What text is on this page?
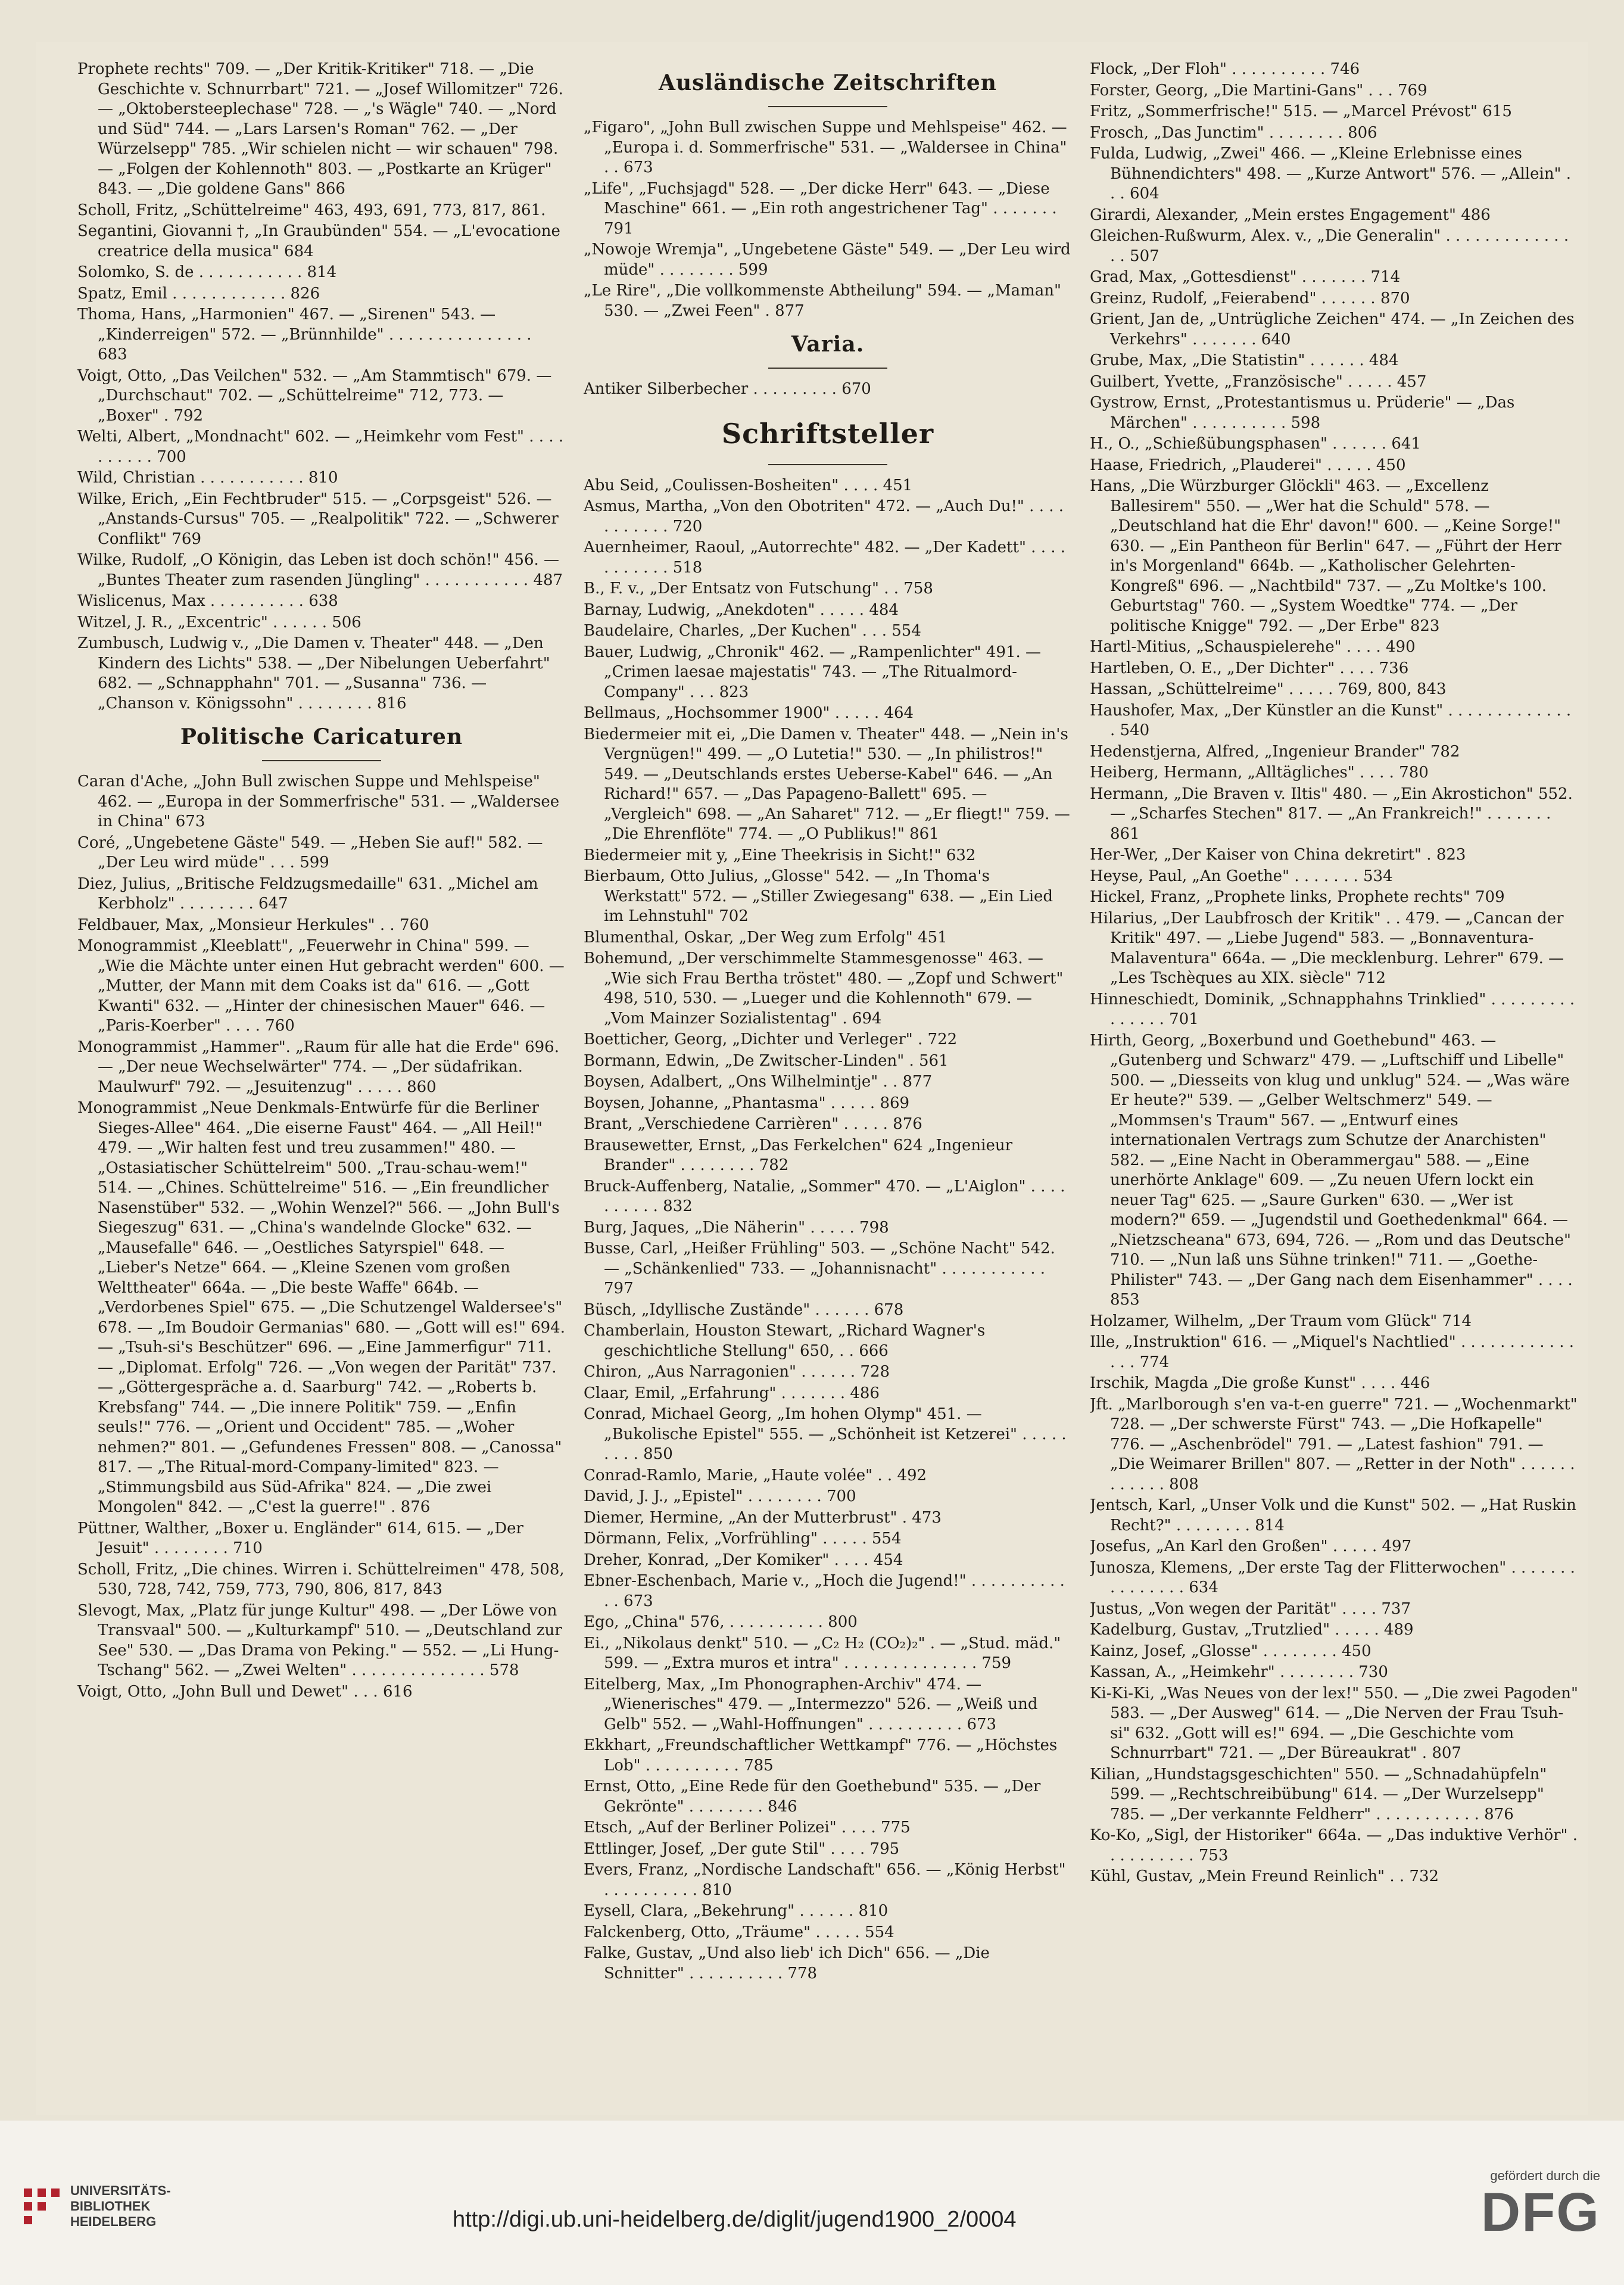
Prophete rechts" 709. — „Der Kritik-Kritiker" 718. — „Die Geschichte v. Schnurrbart" 721. — „Josef Willomitzer" 726. — „Oktobersteeplechase" 728. — „'s Wägle" 740. — „Nord und Süd" 744. — „Lars Larsen's Roman" 762. — „Der Würzelsepp" 785. „Wir schielen nicht — wir schauen" 798. — „Folgen der Kohlennoth" 803. — „Postkarte an Krüger" 843. — „Die goldene Gans" 866
Scholl, Fritz, „Schüttelreime" 463, 493, 691, 773, 817, 861.
Segantini, Giovanni †, „In Graubünden" 554. — „L'evocatione creatrice della musica" 684
Solomko, S. de . . . . . . . . . . . 814
Spatz, Emil . . . . . . . . . . . . 826
Thoma, Hans, „Harmonien" 467. — „Sirenen" 543. — „Kinderreigen" 572. — „Brünnhilde" . . . . . . . . . . . . . . . 683
Voigt, Otto, „Das Veilchen" 532. — „Am Stammtisch" 679. — „Durchschaut" 702. — „Schüttelreime" 712, 773. — „Boxer" . 792
Welti, Albert, „Mondnacht" 602. — „Heimkehr vom Fest" . . . . . . . . . . 700
Wild, Christian . . . . . . . . . . . 810
Wilke, Erich, „Ein Fechtbruder" 515. — „Corpsgeist" 526. — „Anstands-Cursus" 705. — „Realpolitik" 722. — „Schwerer Conflikt" 769
Wilke, Rudolf, „O Königin, das Leben ist doch schön!" 456. — „Buntes Theater zum rasenden Jüngling" . . . . . . . . . . . 487
Wislicenus, Max . . . . . . . . . . 638
Witzel, J. R., „Excentric" . . . . . . 506
Zumbusch, Ludwig v., „Die Damen v. Theater" 448. — „Den Kindern des Lichts" 538. — „Der Nibelungen Ueberfahrt" 682. — „Schnapphahn" 701. — „Susanna" 736. — „Chanson v. Königssohn" . . . . . . . . 816
Politische Caricaturen
Caran d'Ache, „John Bull zwischen Suppe und Mehlspeise" 462. — „Europa in der Sommerfrische" 531. — „Waldersee in China" 673
Coré, „Ungebetene Gäste" 549. — „Heben Sie auf!" 582. — „Der Leu wird müde" . . . 599
Diez, Julius, „Britische Feldzugsmedaille" 631. „Michel am Kerbholz" . . . . . . . . 647
Feldbauer, Max, „Monsieur Herkules" . . 760
Monogrammist „Kleeblatt", „Feuerwehr in China" 599. — „Wie die Mächte unter einen Hut gebracht werden" 600. — „Mutter, der Mann mit dem Coaks ist da" 616. — „Gott Kwanti" 632. — „Hinter der chinesischen Mauer" 646. — „Paris-Koerber" . . . . 760
Monogrammist „Hammer". „Raum für alle hat die Erde" 696. — „Der neue Wechselwärter" 774. — „Der südafrikan. Maulwurf" 792. — „Jesuitenzug" . . . . . 860
Monogrammist „Neue Denkmals-Entwürfe für die Berliner Sieges-Allee" 464. „Die eiserne Faust" 464. — „All Heil!" 479. — „Wir halten fest und treu zusammen!" 480. — „Ostasiatischer Schüttelreim" 500. „Trau-schau-wem!" 514. — „Chines. Schüttelreime" 516. — „Ein freundlicher Nasenstüber" 532. — „Wohin Wenzel?" 566. — „John Bull's Siegeszug" 631. — „China's wandelnde Glocke" 632. — „Mausefalle" 646. — „Oestliches Satyrspiel" 648. — „Lieber's Netze" 664. — „Kleine Szenen vom großen Welttheater" 664a. — „Die beste Waffe" 664b. — „Verdorbenes Spiel" 675. — „Die Schutzengel Waldersee's" 678. — „Im Boudoir Germanias" 680. — „Gott will es!" 694. — „Tsuh-si's Beschützer" 696. — „Eine Jammerfigur" 711. — „Diplomat. Erfolg" 726. — „Von wegen der Parität" 737. — „Göttergespräche a. d. Saarburg" 742. — „Roberts b. Krebsfang" 744. — „Die innere Politik" 759. — „Enfin seuls!" 776. — „Orient und Occident" 785. — „Woher nehmen?" 801. — „Gefundenes Fressen" 808. — „Canossa" 817. — „The Ritual-mord-Company-limited" 823. — „Stimmungsbild aus Süd-Afrika" 824. — „Die zwei Mongolen" 842. — „C'est la guerre!" . 876
Püttner, Walther, „Boxer u. Engländer" 614, 615. — „Der Jesuit" . . . . . . . . 710
Scholl, Fritz, „Die chines. Wirren i. Schüttelreimen" 478, 508, 530, 728, 742, 759, 773, 790, 806, 817, 843
Slevogt, Max, „Platz für junge Kultur" 498. — „Der Löwe von Transvaal" 500. — „Kulturkampf" 510. — „Deutschland zur See" 530. — „Das Drama von Peking." — 552. — „Li Hung-Tschang" 562. — „Zwei Welten" . . . . . . . . . . . . . . 578
Voigt, Otto, „John Bull und Dewet" . . . 616
Ausländische Zeitschriften
„Figaro", „John Bull zwischen Suppe und Mehlspeise" 462. — „Europa i. d. Sommerfrische" 531. — „Waldersee in China" . . 673
„Life", „Fuchsjagd" 528. — „Der dicke Herr" 643. — „Diese Maschine" 661. — „Ein roth angestrichener Tag" . . . . . . . 791
„Nowoje Wremja", „Ungebetene Gäste" 549. — „Der Leu wird müde" . . . . . . . . 599
„Le Rire", „Die vollkommenste Abtheilung" 594. — „Maman" 530. — „Zwei Feen" . 877
Varia.
Antiker Silberbecher . . . . . . . . . 670
Schriftsteller
Abu Seid, „Coulissen-Bosheiten" . . . . 451
Asmus, Martha, „Von den Obotriten" 472. — „Auch Du!" . . . . . . . . . . . 720
Auernheimer, Raoul, „Autorrechte" 482. — „Der Kadett" . . . . . . . . . . . 518
B., F. v., „Der Entsatz von Futschung" . . 758
Barnay, Ludwig, „Anekdoten" . . . . . 484
Baudelaire, Charles, „Der Kuchen" . . . 554
Bauer, Ludwig, „Chronik" 462. — „Rampenlichter" 491. — „Crimen laesae majestatis" 743. — „The Ritualmord-Company" . . . 823
Bellmaus, „Hochsommer 1900" . . . . . 464
Biedermeier mit ei, „Die Damen v. Theater" 448. — „Nein in's Vergnügen!" 499. — „O Lutetia!" 530. — „In philistros!" 549. — „Deutschlands erstes Ueberse-Kabel" 646. — „An Richard!" 657. — „Das Papageno-Ballett" 695. — „Vergleich" 698. — „An Saharet" 712. — „Er fliegt!" 759. — „Die Ehrenflöte" 774. — „O Publikus!" 861
Biedermeier mit y, „Eine Theekrisis in Sicht!" 632
Bierbaum, Otto Julius, „Glosse" 542. — „In Thoma's Werkstatt" 572. — „Stiller Zwiegesang" 638. — „Ein Lied im Lehnstuhl" 702
Blumenthal, Oskar, „Der Weg zum Erfolg" 451
Bohemund, „Der verschimmelte Stammesgenosse" 463. — „Wie sich Frau Bertha tröstet" 480. — „Zopf und Schwert" 498, 510, 530. — „Lueger und die Kohlennoth" 679. — „Vom Mainzer Sozialistentag" . 694
Boetticher, Georg, „Dichter und Verleger" . 722
Bormann, Edwin, „De Zwitscher-Linden" . 561
Boysen, Adalbert, „Ons Wilhelmintje" . . 877
Boysen, Johanne, „Phantasma" . . . . . 869
Brant, „Verschiedene Carrièren" . . . . . 876
Brausewetter, Ernst, „Das Ferkelchen" 624 „Ingenieur Brander" . . . . . . . . 782
Bruck-Auffenberg, Natalie, „Sommer" 470. — „L'Aiglon" . . . . . . . . . . 832
Burg, Jaques, „Die Näherin" . . . . . 798
Busse, Carl, „Heißer Frühling" 503. — „Schöne Nacht" 542. — „Schänkenlied" 733. — „Johannisnacht" . . . . . . . . . . . 797
Büsch, „Idyllische Zustände" . . . . . . 678
Chamberlain, Houston Stewart, „Richard Wagner's geschichtliche Stellung" 650, . . 666
Chiron, „Aus Narragonien" . . . . . . 728
Claar, Emil, „Erfahrung" . . . . . . . 486
Conrad, Michael Georg, „Im hohen Olymp" 451. — „Bukolische Epistel" 555. — „Schönheit ist Ketzerei" . . . . . . . . . 850
Conrad-Ramlo, Marie, „Haute volée" . . 492
David, J. J., „Epistel" . . . . . . . . 700
Diemer, Hermine, „An der Mutterbrust" . 473
Dörmann, Felix, „Vorfrühling" . . . . . 554
Dreher, Konrad, „Der Komiker" . . . . 454
Ebner-Eschenbach, Marie v., „Hoch die Jugend!" . . . . . . . . . . . . 673
Ego, „China" 576, . . . . . . . . . . 800
Ei., „Nikolaus denkt" 510. — „C₂ H₂ (CO₂)₂" . — „Stud. mäd." 599. — „Extra muros et intra" . . . . . . . . . . . . . . 759
Eitelberg, Max, „Im Phonographen-Archiv" 474. — „Wienerisches" 479. — „Intermezzo" 526. — „Weiß und Gelb" 552. — „Wahl-Hoffnungen" . . . . . . . . . . 673
Ekkhart, „Freundschaftlicher Wettkampf" 776. — „Höchstes Lob" . . . . . . . . . . 785
Ernst, Otto, „Eine Rede für den Goethebund" 535. — „Der Gekrönte" . . . . . . . . 846
Etsch, „Auf der Berliner Polizei" . . . . 775
Ettlinger, Josef, „Der gute Stil" . . . . 795
Evers, Franz, „Nordische Landschaft" 656. — „König Herbst" . . . . . . . . . . 810
Eysell, Clara, „Bekehrung" . . . . . . 810
Falckenberg, Otto, „Träume" . . . . . 554
Falke, Gustav, „Und also lieb' ich Dich" 656. — „Die Schnitter" . . . . . . . . . . 778
Flock, „Der Floh" . . . . . . . . . . 746
Forster, Georg, „Die Martini-Gans" . . . 769
Fritz, „Sommerfrische!" 515. — „Marcel Prévost" 615
Frosch, „Das Junctim" . . . . . . . . 806
Fulda, Ludwig, „Zwei" 466. — „Kleine Erlebnisse eines Bühnendichters" 498. — „Kurze Antwort" 576. — „Allein" . . . 604
Girardi, Alexander, „Mein erstes Engagement" 486
Gleichen-Rußwurm, Alex. v., „Die Generalin" . . . . . . . . . . . . . . . 507
Grad, Max, „Gottesdienst" . . . . . . . 714
Greinz, Rudolf, „Feierabend" . . . . . . 870
Grient, Jan de, „Untrügliche Zeichen" 474. — „In Zeichen des Verkehrs" . . . . . . . 640
Grube, Max, „Die Statistin" . . . . . . 484
Guilbert, Yvette, „Französische" . . . . . 457
Gystrow, Ernst, „Protestantismus u. Prüderie" — „Das Märchen" . . . . . . . . . . 598
H., O., „Schießübungsphasen" . . . . . . 641
Haase, Friedrich, „Plauderei" . . . . . 450
Hans, „Die Würzburger Glöckli" 463. — „Excellenz Ballesirem" 550. — „Wer hat die Schuld" 578. — „Deutschland hat die Ehr' davon!" 600. — „Keine Sorge!" 630. — „Ein Pantheon für Berlin" 647. — „Führt der Herr in's Morgenland" 664b. — „Katholischer Gelehrten-Kongreß" 696. — „Nachtbild" 737. — „Zu Moltke's 100. Geburtstag" 760. — „System Woedtke" 774. — „Der politische Knigge" 792. — „Der Erbe" 823
Hartl-Mitius, „Schauspielerehe" . . . . 490
Hartleben, O. E., „Der Dichter" . . . . 736
Hassan, „Schüttelreime" . . . . . 769, 800, 843
Haushofer, Max, „Der Künstler an die Kunst" . . . . . . . . . . . . . . 540
Hedenstjerna, Alfred, „Ingenieur Brander" 782
Heiberg, Hermann, „Alltägliches" . . . . 780
Hermann, „Die Braven v. Iltis" 480. — „Ein Akrostichon" 552. — „Scharfes Stechen" 817. — „An Frankreich!" . . . . . . . 861
Her-Wer, „Der Kaiser von China dekretirt" . 823
Heyse, Paul, „An Goethe" . . . . . . . 534
Hickel, Franz, „Prophete links, Prophete rechts" 709
Hilarius, „Der Laubfrosch der Kritik" . . 479. — „Cancan der Kritik" 497. — „Liebe Jugend" 583. — „Bonnaventura-Malaventura" 664a. — „Die mecklenburg. Lehrer" 679. — „Les Tschèques au XIX. siècle" 712
Hinneschiedt, Dominik, „Schnapphahns Trinklied" . . . . . . . . . . . . . . . 701
Hirth, Georg, „Boxerbund und Goethebund" 463. — „Gutenberg und Schwarz" 479. — „Luftschiff und Libelle" 500. — „Diesseits von klug und unklug" 524. — „Was wäre Er heute?" 539. — „Gelber Weltschmerz" 549. — „Mommsen's Traum" 567. — „Entwurf eines internationalen Vertrags zum Schutze der Anarchisten" 582. — „Eine Nacht in Oberammergau" 588. — „Eine unerhörte Anklage" 609. — „Zu neuen Ufern lockt ein neuer Tag" 625. — „Saure Gurken" 630. — „Wer ist modern?" 659. — „Jugendstil und Goethedenkmal" 664. — „Nietzscheana" 673, 694, 726. — „Rom und das Deutsche" 710. — „Nun laß uns Sühne trinken!" 711. — „Goethe-Philister" 743. — „Der Gang nach dem Eisenhammer" . . . . 853
Holzamer, Wilhelm, „Der Traum vom Glück" 714
Ille, „Instruktion" 616. — „Miquel's Nachtlied" . . . . . . . . . . . . . . . 774
Irschik, Magda „Die große Kunst" . . . . 446
Jft. „Marlborough s'en va-t-en guerre" 721. — „Wochenmarkt" 728. — „Der schwerste Fürst" 743. — „Die Hofkapelle" 776. — „Aschenbrödel" 791. — „Latest fashion" 791. — „Die Weimarer Brillen" 807. — „Retter in der Noth" . . . . . . . . . . . . 808
Jentsch, Karl, „Unser Volk und die Kunst" 502. — „Hat Ruskin Recht?" . . . . . . . . 814
Josefus, „An Karl den Großen" . . . . . 497
Junosza, Klemens, „Der erste Tag der Flitterwochen" . . . . . . . . . . . . . . . 634
Justus, „Von wegen der Parität" . . . . 737
Kadelburg, Gustav, „Trutzlied" . . . . . 489
Kainz, Josef, „Glosse" . . . . . . . . 450
Kassan, A., „Heimkehr" . . . . . . . . 730
Ki-Ki-Ki, „Was Neues von der lex!" 550. — „Die zwei Pagoden" 583. — „Der Ausweg" 614. — „Die Nerven der Frau Tsuh-si" 632. „Gott will es!" 694. — „Die Geschichte vom Schnurrbart" 721. — „Der Büreaukrat" . 807
Kilian, „Hundstagsgeschichten" 550. — „Schnadahüpfeln" 599. — „Rechtschreibübung" 614. — „Der Wurzelsepp" 785. — „Der verkannte Feldherr" . . . . . . . . . . . 876
Ko-Ko, „Sigl, der Historiker" 664a. — „Das induktive Verhör" . . . . . . . . . . 753
Kühl, Gustav, „Mein Freund Reinlich" . . 732
UNIVERSITÄTS-
BIBLIOTHEK
HEIDELBERG	http://digi.ub.uni-heidelberg.de/diglit/jugend1900_2/0004
gefördert durch die
DFG
